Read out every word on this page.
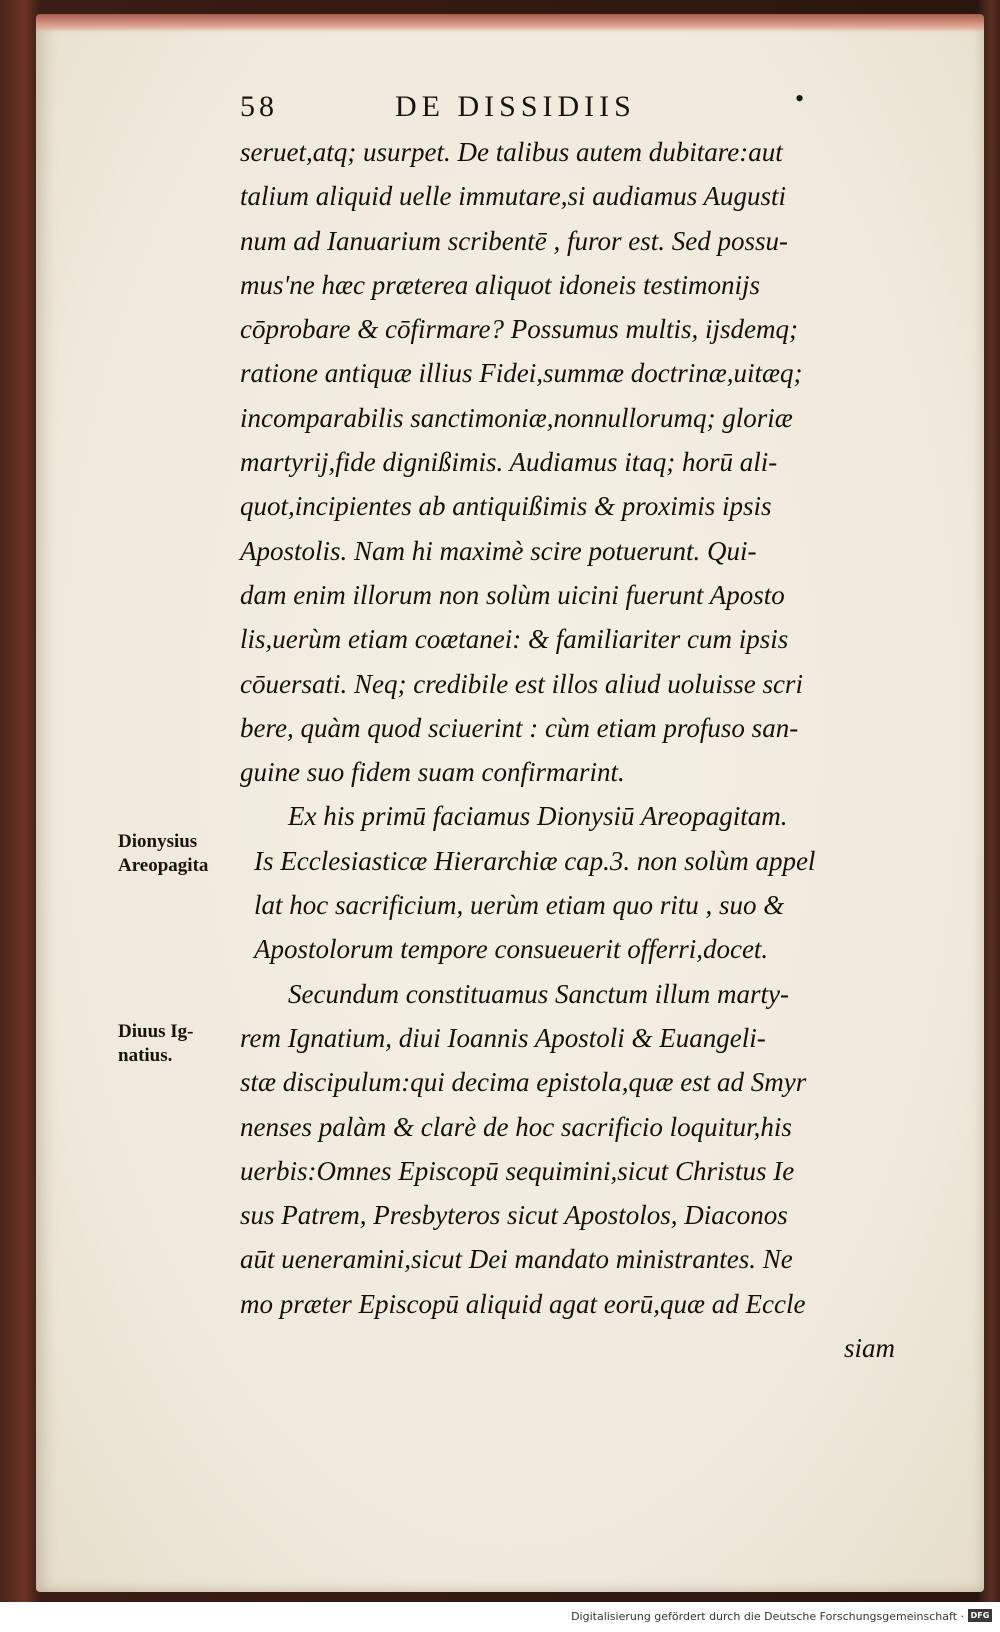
58	DE DISSIDIIS	•
seruet,atq; usurpet. De talibus autem dubitare:aut
talium aliquid uelle immutare,si audiamus Augusti
num ad Ianuarium scribentē , furor est. Sed possu-
mus'ne hæc præterea aliquot idoneis testimonijs
cōprobare & cōfirmare? Possumus multis, ijsdemq;
ratione antiquæ illius Fidei,summæ doctrinæ,uitæq;
incomparabilis sanctimoniæ,nonnullorumq; gloriæ
martyrij,fide dignißimis. Audiamus itaq; horū ali-
quot,incipientes ab antiquißimis & proximis ipsis
Apostolis. Nam hi maximè scire potuerunt. Qui-
dam enim illorum non solùm uicini fuerunt Aposto
lis,uerùm etiam coætanei: & familiariter cum ipsis
cōuersati. Neq; credibile est illos aliud uoluisse scri
bere, quàm quod sciuerint : cùm etiam profuso san-
guine suo fidem suam confirmarint.
Ex his primū faciamus Dionysiū Areopagitam.
Is Ecclesiasticæ Hierarchiæ cap.3. non solùm appel
lat hoc sacrificium, uerùm etiam quo ritu , suo &
Apostolorum tempore consueuerit offerri,docet.
Secundum constituamus Sanctum illum marty-
rem Ignatium, diui Ioannis Apostoli & Euangeli-
stæ discipulum:qui decima epistola,quæ est ad Smyr
nenses palàm & clarè de hoc sacrificio loquitur,his
uerbis:Omnes Episcopū sequimini,sicut Christus Ie
sus Patrem, Presbyteros sicut Apostolos, Diaconos
aūt ueneramini,sicut Dei mandato ministrantes. Ne
mo præter Episcopū aliquid agat eorū,quæ ad Eccle
siam
Dionysius
Areopagita
Diuus Ig-
natius.
Digitalisierung gefördert durch die Deutsche Forschungsgemeinschaft · DFG
